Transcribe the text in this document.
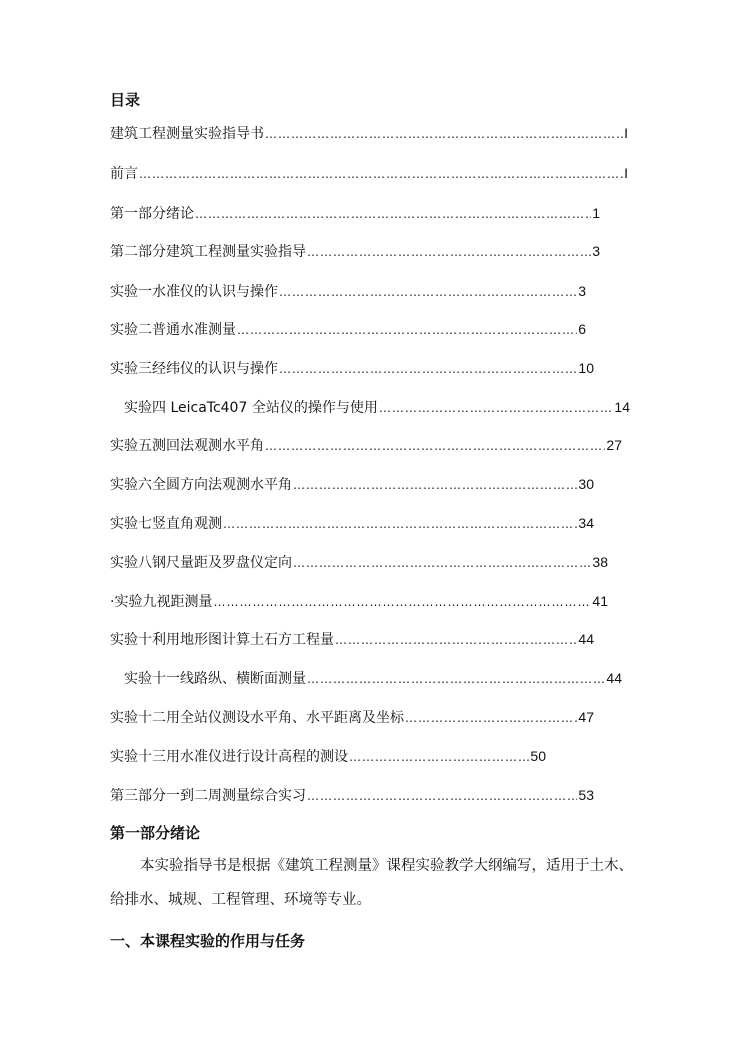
目录
建筑工程测量实验指导书 ……………………………………………………………………………………………………………………………………………………………………………………………………………………………………	I
前言 ……………………………………………………………………………………………………………………………………………………………………………………………………………………………………	I
第一部分绪论 ……………………………………………………………………………………………………………………………………………………………………………………………………………………………………	1
第二部分建筑工程测量实验指导 ……………………………………………………………………………………………………………………………………………………………………………………………………………………………………	3
实验一水准仪的认识与操作 ……………………………………………………………………………………………………………………………………………………………………………………………………………………………………	3
实验二普通水准测量 ……………………………………………………………………………………………………………………………………………………………………………………………………………………………………	6
实验三经纬仪的认识与操作 ……………………………………………………………………………………………………………………………………………………………………………………………………………………………………	10
实验四 LeicaTc407 全站仪的操作与使用 ……………………………………………………………………………………………………………………………………………………………………………………………………………………………………	14
实验五测回法观测水平角 ……………………………………………………………………………………………………………………………………………………………………………………………………………………………………	27
实验六全圆方向法观测水平角 ……………………………………………………………………………………………………………………………………………………………………………………………………………………………………	30
实验七竖直角观测 ……………………………………………………………………………………………………………………………………………………………………………………………………………………………………	34
实验八钢尺量距及罗盘仪定向 ……………………………………………………………………………………………………………………………………………………………………………………………………………………………………	38
·实验九视距测量 ……………………………………………………………………………………………………………………………………………………………………………………………………………………………………	41
实验十利用地形图计算土石方工程量 ……………………………………………………………………………………………………………………………………………………………………………………………………………………………………	44
实验十一线路纵、横断面测量 ……………………………………………………………………………………………………………………………………………………………………………………………………………………………………	44
实验十二用全站仪测设水平角、水平距离及坐标 ……………………………………………………………………………………………………………………………………………………………………………………………………………………………………	47
实验十三用水准仪进行设计高程的测设 ……………………………………………………………………………………………………………………………………………………………………………………………………………………………………	50
第三部分一到二周测量综合实习 ……………………………………………………………………………………………………………………………………………………………………………………………………………………………………	53
第一部分绪论

本实验指导书是根据《建筑工程测量》课程实验教学大纲编写，适用于土木、给排水、城规、工程管理、环境等专业。

一、本课程实验的作用与任务
